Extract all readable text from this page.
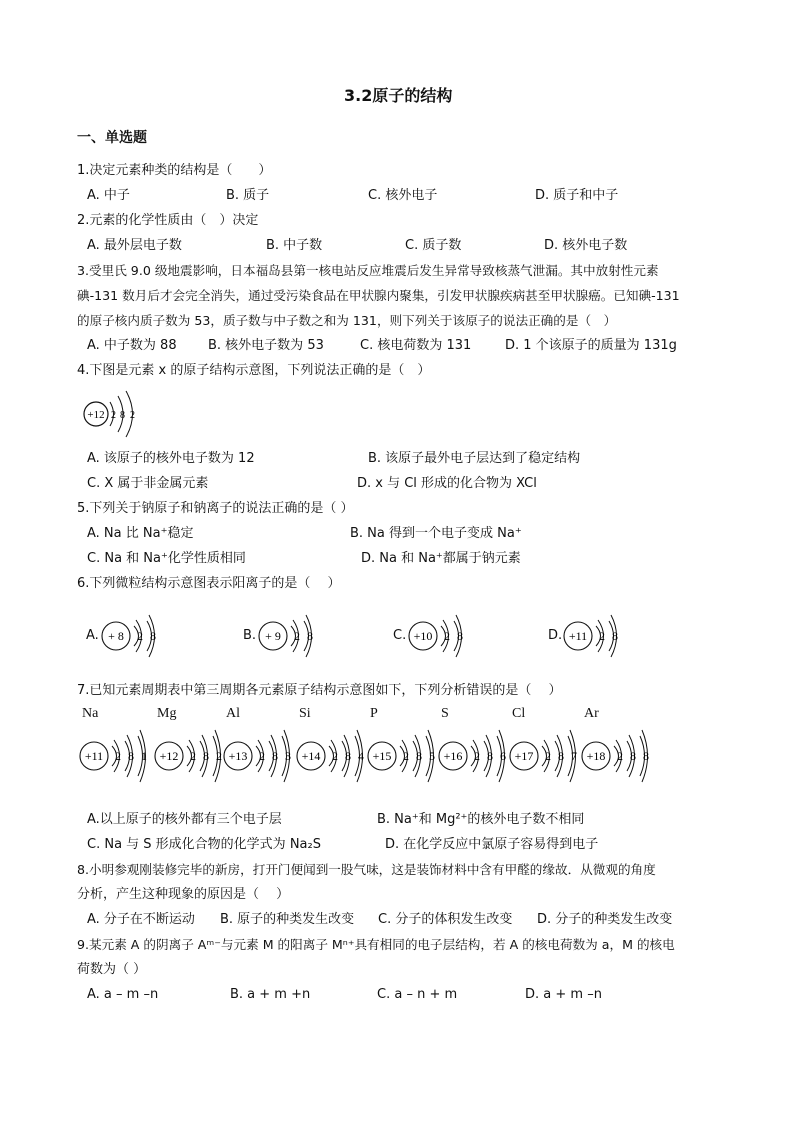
3.2原子的结构
一、单选题
1.决定元素种类的结构是（　　）
A. 中子	B. 质子	C. 核外电子	D. 质子和中子
2.元素的化学性质由（　）决定
A. 最外层电子数	B. 中子数	C. 质子数	D. 核外电子数
3.受里氏 9.0 级地震影响，日本福岛县第一核电站反应堆震后发生异常导致核蒸气泄漏。其中放射性元素
碘-131 数月后才会完全消失，通过受污染食品在甲状腺内聚集，引发甲状腺疾病甚至甲状腺癌。已知碘-131
的原子核内质子数为 53，质子数与中子数之和为 131，则下列关于该原子的说法正确的是（　）
A. 中子数为 88 B. 核外电子数为 53	C. 核电荷数为 131	D. 1 个该原子的质量为 131g
4.下图是元素 x 的原子结构示意图，下列说法正确的是（　）
+12 2 8 2
A. 该原子的核外电子数为 12	B. 该原子最外电子层达到了稳定结构
C. X 属于非金属元素	D. x 与 Cl 形成的化合物为 XCl
5.下列关于钠原子和钠离子的说法正确的是（ ）
A. Na 比 Na⁺稳定	B. Na 得到一个电子变成 Na⁺
C. Na 和 Na⁺化学性质相同	D. Na 和 Na⁺都属于钠元素
6.下列微粒结构示意图表示阳离子的是（　 ）
7.已知元素周期表中第三周期各元素原子结构示意图如下，下列分析错误的是（　 ）
A.以上原子的核外都有三个电子层	B. Na⁺和 Mg²⁺的核外电子数不相同
C. Na 与 S 形成化合物的化学式为 Na₂S	D. 在化学反应中氯原子容易得到电子
8.小明参观刚装修完毕的新房，打开门便闻到一股气味，这是装饰材料中含有甲醛的缘故．从微观的角度
分析，产生这种现象的原因是（　 ）
A. 分子在不断运动 B. 原子的种类发生改变 C. 分子的体积发生改变 D. 分子的种类发生改变
9.某元素 A 的阴离子 Aᵐ⁻与元素 M 的阳离子 Mⁿ⁺具有相同的电子层结构，若 A 的核电荷数为 a，M 的核电
荷数为（ ）
A. a – m –n	B. a + m +n	C. a – n + m	D. a + m –n
A. + 8 2 8	B. + 9 2 8	C. +10 2 8	D. +11 2 8
Na
+11 2 8 1
Mg
+12 2 8 2
Al
+13 2 8 3
Si
+14 2 8 4
P
+15 2 8 5
S
+16 2 8 6
Cl
+17 2 8 7
Ar
+18 2 8 8
